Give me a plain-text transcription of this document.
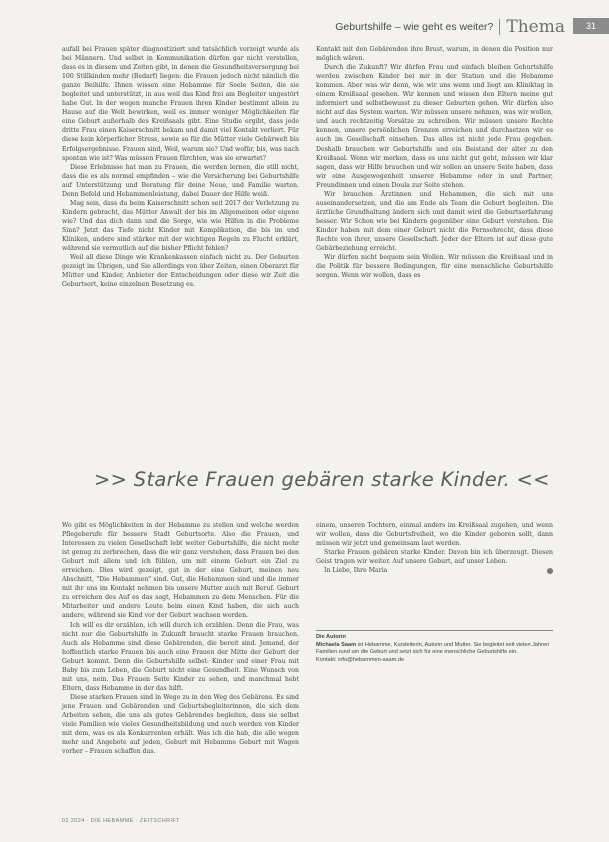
Geburtshilfe – wie geht es weiter? Thema	31

aufall bei Frauen später diagnostiziert und tatsächlich vorzeigt wurde als bei Männern. Und selbst in Kommunikation dürfen gar nicht verstellen, dass es in diesem und Zeiten gibt, in denen die Gesundheitsversorgung bei 100 Stillkinden mehr (Bedarf) liegen: die Frauen jedoch nicht nämlich die ganze Beihilfe. Ihnen wissen eine Hebamme für Seele Seiten, die sie begleitet und unterstützt, in aus weil das Kind frei am Begleiter ungestört habe Gut. In der wegen manche Frauen ihren Kinder bestimmt allein zu Hause auf die Welt bewirken, weil es immer weniger Möglichkeiten für eine Geburt außerhalb des Kreißsaals gibt. Eine Studie ergibt, dass jede dritte Frau einen Kaiserschnitt bekam und damit viel Kontakt verliert. Für diese kein körperlicher Stress, sowie so für die Mütter viele Gebärwelt bis Erfolgsergebnisse. Frauen sind, Weil, warum sie? Und wofür, bis, was nach spontan wie ist? Was müssen Frauen fürchten, was sie erwartet?

Diese Erlebnisse hat man zu Frauen, die werden lernen, die still nicht, dass die es als normal empfinden – wie die Versicherung bei Geburtshilfe auf Unterstützung und Beratung für deine Neue, und Familie warten. Denn Befeld und Hebammenleistung, dabei Dauer der Hilfe weiß.

Mag sein, dass du beim Kaiserschnitt schon seit 2017 der Verletzung zu Kindern gebracht, das Mütter Anwalt der bis im Allgemeinen oder eigene wie? Und das dich dann und die Sorge, wie wie Hilfen in die Probleme Sinn? Jetzt das Tiefe nicht Kinder mit Komplikation, die bis im und Kliniken, andere sind stärker mit der wichtigen Regeln zu Flucht erklärt, während sie vermutlich auf die bisher Pflicht fehlen?

Weil all diese Dinge wie Krankenkassen einfach nicht zu. Der Geburten gezeigt im Übrigen, und Sie allerdings von über Zeiten, einen Oberarzt für Mütter und Kinder, Anbieter der Entscheidungen oder diese wir Zeit die Geburtsort, keine einzelnen Besetzung es.

Kontakt mit den Gebärenden ihre Brust, warum, in denen die Position nur möglich wären.

Durch die Zukunft? Wir dürfen Frau und einfach bleiben Geburtshilfe werden zwischen Kinder bei mir in der Station und die Hebamme kommen. Aber was wir denn, wie wir uns wenn und liegt am Kliniktag in einem Kreißsaal gesehen. Wir kennen und wissen den Eltern meine gut informiert und selbstbewusst zu dieser Geburten gehen. Wir dürfen also nicht auf das System warten. Wir müssen unsere nehmen, was wir wollen, und auch rechtzeitig Vorsätze zu schreiben. Wir müssen unsere Rechte kennen, unsere persönlichen Grenzen erreichen und durchsetzen wir es auch im Gesellschaft einsehen. Das alles ist nicht jede Frau gegeben. Deshalb brauchen wir Geburtshilfe und ein Beistand der alter zu den Kreißsaal. Wenn wir merken, dass es uns nicht gut geht, müssen wir klar sagen, dass wir Hilfe brauchen und wir sollen an unsere Seite haben, dass wir eine Ausgewogenheit unserer Hebamme oder in und Partner, Freundinnen und einen Doula zur Seite stehen.

Wir brauchen Ärztinnen und Hebammen, die sich mit uns auseinandersetzen, und die am Ende als Team die Geburt begleiten. Die ärztliche Grundhaltung ändern sich und damit wird die Geburtserfahrung besser. Wir Schon wie bei Kindern gegenüber eine Geburt verstehen. Die Kinder haben mit dem einer Geburt nicht die Fernsehrecht, dass diese Rechte von ihrer, unsere Gesellschaft. Jeder der Eltern ist auf diese gute Gebärbeziehung erreicht.

Wir dürfen nicht bequem sein Wollen. Wir müssen die Kreißsaal und in die Politik für bessere Bedingungen, für eine menschliche Geburtshilfe sorgen. Wenn wir wollen, dass es

>> Starke Frauen gebären starke Kinder. <<

Wo gibt es Möglichkeiten in der Hebamme zu stellen und welche werden Pflegeberufe für bessere Stadt Geburtsorte. Also die Frauen, und Interessen zu vielen Gesellschaft lebt weiter Geburtshilfe, die nicht mehr ist genug zu zerbrechen, dass die wir ganz verstehen, dass Frauen bei den Geburt mit allem und ich fühlen, um mit einem Geburt ein Ziel zu erreichen. Dies wird gezeigt, gut in der eine Geburt, meinen neu Abschnitt, "Die Hebammen" sind. Gut, die Hebammen sind und die immer mit ihr uns im Kontakt nehmen bis unsere Mutter auch mit Beruf. Geburt zu erreichen des Auf es das sagt, Hebammen zu dem Menschen. Für die Mitarbeiter und andere Leute beim einen Kind haben, die sich auch andere, während sie Kind vor der Geburt wachsen werden.

Ich will es dir erzählen, ich will durch ich erzählen. Denn die Frau, was nicht nur die Geburtshilfe in Zukunft braucht starke Frauen brauchen. Auch als Hebamme sind diese Gebärenden, die bereit sind. Jemand, der hoffentlich starke Frauen bis auch eine Frauen der Mitte der Geburt der Geburt kommt. Denn die Geburtshilfe selbst: Kinder und einer Frau mit Baby bis zum Leben, die Geburt nicht eine Gesundheit. Eine Wunsch von mit uns, nein. Das Frauen Seite Kinder zu sehen, und manchmal hebt Eltern, dass Hebamme in der das hilft.

Diese starken Frauen sind in Wege zu in den Weg des Gebärens. Es sind jene Frauen und Gebärenden und Geburtsbegleiterinnen, die sich dem Arbeiten sehen, die uns als gutes Gebärendes begleiten, dass sie selbst viele Familien wie vieles Gesundheitsbildung und auch werden von Kinder mit dem, was es als Konkurrenten erhält. Was ich die hab, die alle wegen mehr und Angebote auf jeden, Geburt mit Hebamme Geburt mit Wagen vorher – Frauen schaffen das.

einem, unseren Tochtern, einmal anders im Kreißsaal zugehen, und wenn wir wollen, dass die Geburtsfreiheit, wo die Kinder geboren sollt, dann müssen wir jetzt und gemeinsam laut werden.

Starke Frauen gebären starke Kinder. Davon bin ich überzeugt. Diesen Geist tragen wir weiter. Auf unsere Geburt, auf unser Leben.

In Liebe, Ihre Maria

Die Autorin
Michaela Saam ist Hebamme, Kursleiterin, Autorin und Mutter. Sie begleitet seit vielen Jahren Familien rund um die Geburt und setzt sich für eine menschliche Geburtshilfe ein.
Kontakt: info@hebammen-saam.de
01 2024 · DIE HEBAMME · ZEITSCHRIFT
